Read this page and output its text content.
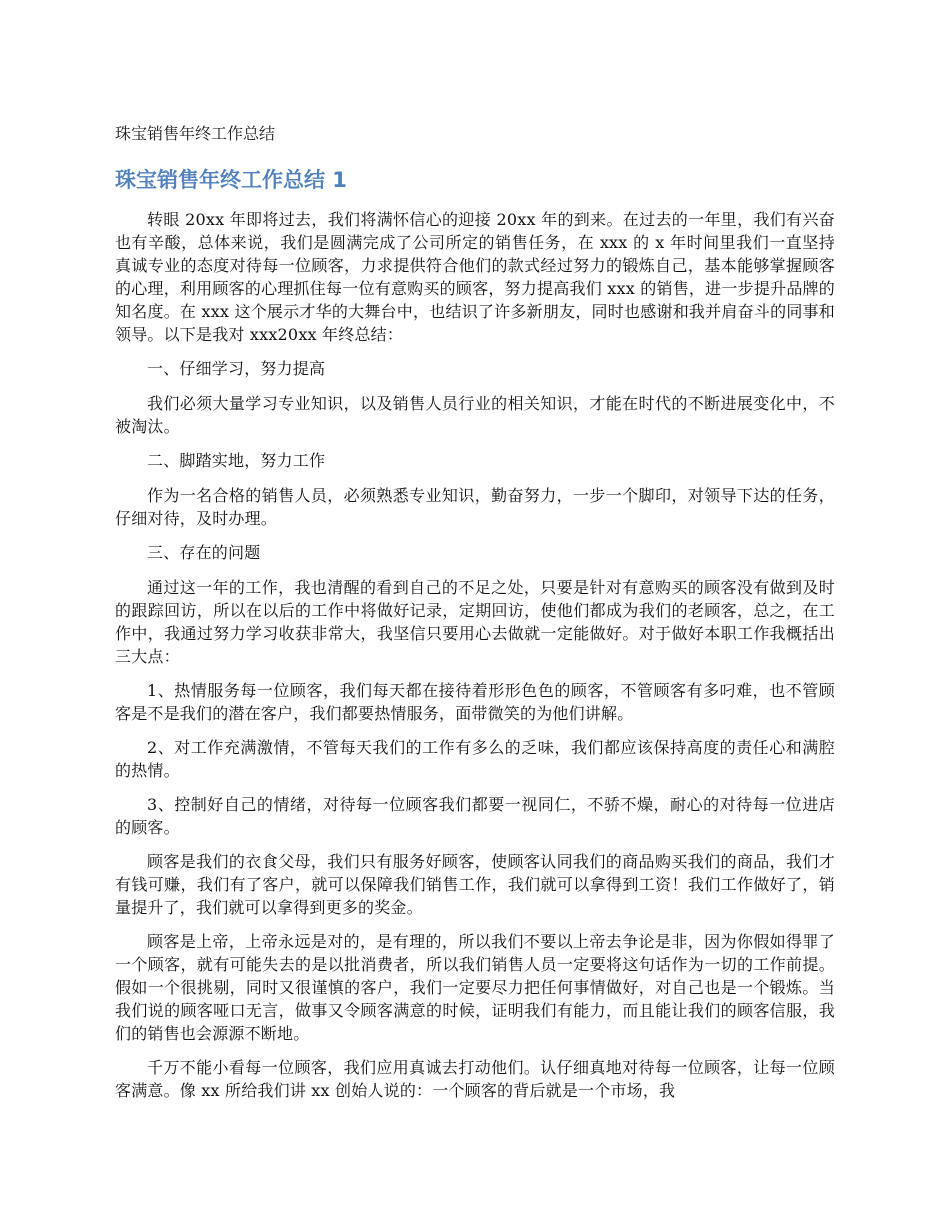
珠宝销售年终工作总结
珠宝销售年终工作总结 1

转眼 20xx 年即将过去，我们将满怀信心的迎接 20xx 年的到来。在过去的一年里，我们有兴奋也有辛酸，总体来说，我们是圆满完成了公司所定的销售任务，在 xxx 的 x 年时间里我们一直坚持真诚专业的态度对待每一位顾客，力求提供符合他们的款式经过努力的锻炼自己，基本能够掌握顾客的心理，利用顾客的心理抓住每一位有意购买的顾客，努力提高我们 xxx 的销售，进一步提升品牌的知名度。在 xxx 这个展示才华的大舞台中，也结识了许多新朋友，同时也感谢和我并肩奋斗的同事和领导。以下是我对 xxx20xx 年终总结：

一、仔细学习，努力提高

我们必须大量学习专业知识，以及销售人员行业的相关知识，才能在时代的不断进展变化中，不被淘汰。

二、脚踏实地，努力工作

作为一名合格的销售人员，必须熟悉专业知识，勤奋努力，一步一个脚印，对领导下达的任务，仔细对待，及时办理。

三、存在的问题

通过这一年的工作，我也清醒的看到自己的不足之处，只要是针对有意购买的顾客没有做到及时的跟踪回访，所以在以后的工作中将做好记录，定期回访，使他们都成为我们的老顾客，总之，在工作中，我通过努力学习收获非常大，我坚信只要用心去做就一定能做好。对于做好本职工作我概括出三大点：

1、热情服务每一位顾客，我们每天都在接待着形形色色的顾客，不管顾客有多叼难，也不管顾客是不是我们的潜在客户，我们都要热情服务，面带微笑的为他们讲解。

2、对工作充满激情，不管每天我们的工作有多么的乏味，我们都应该保持高度的责任心和满腔的热情。

3、控制好自己的情绪，对待每一位顾客我们都要一视同仁，不骄不燥，耐心的对待每一位进店的顾客。

顾客是我们的衣食父母，我们只有服务好顾客，使顾客认同我们的商品购买我们的商品，我们才有钱可赚，我们有了客户，就可以保障我们销售工作，我们就可以拿得到工资！我们工作做好了，销量提升了，我们就可以拿得到更多的奖金。

顾客是上帝，上帝永远是对的，是有理的，所以我们不要以上帝去争论是非，因为你假如得罪了一个顾客，就有可能失去的是以批消费者，所以我们销售人员一定要将这句话作为一切的工作前提。假如一个很挑剔，同时又很谨慎的客户，我们一定要尽力把任何事情做好，对自己也是一个锻炼。当我们说的顾客哑口无言，做事又令顾客满意的时候，证明我们有能力，而且能让我们的顾客信服，我们的销售也会源源不断地。

千万不能小看每一位顾客，我们应用真诚去打动他们。认仔细真地对待每一位顾客，让每一位顾客满意。像 xx 所给我们讲 xx 创始人说的：一个顾客的背后就是一个市场，我
